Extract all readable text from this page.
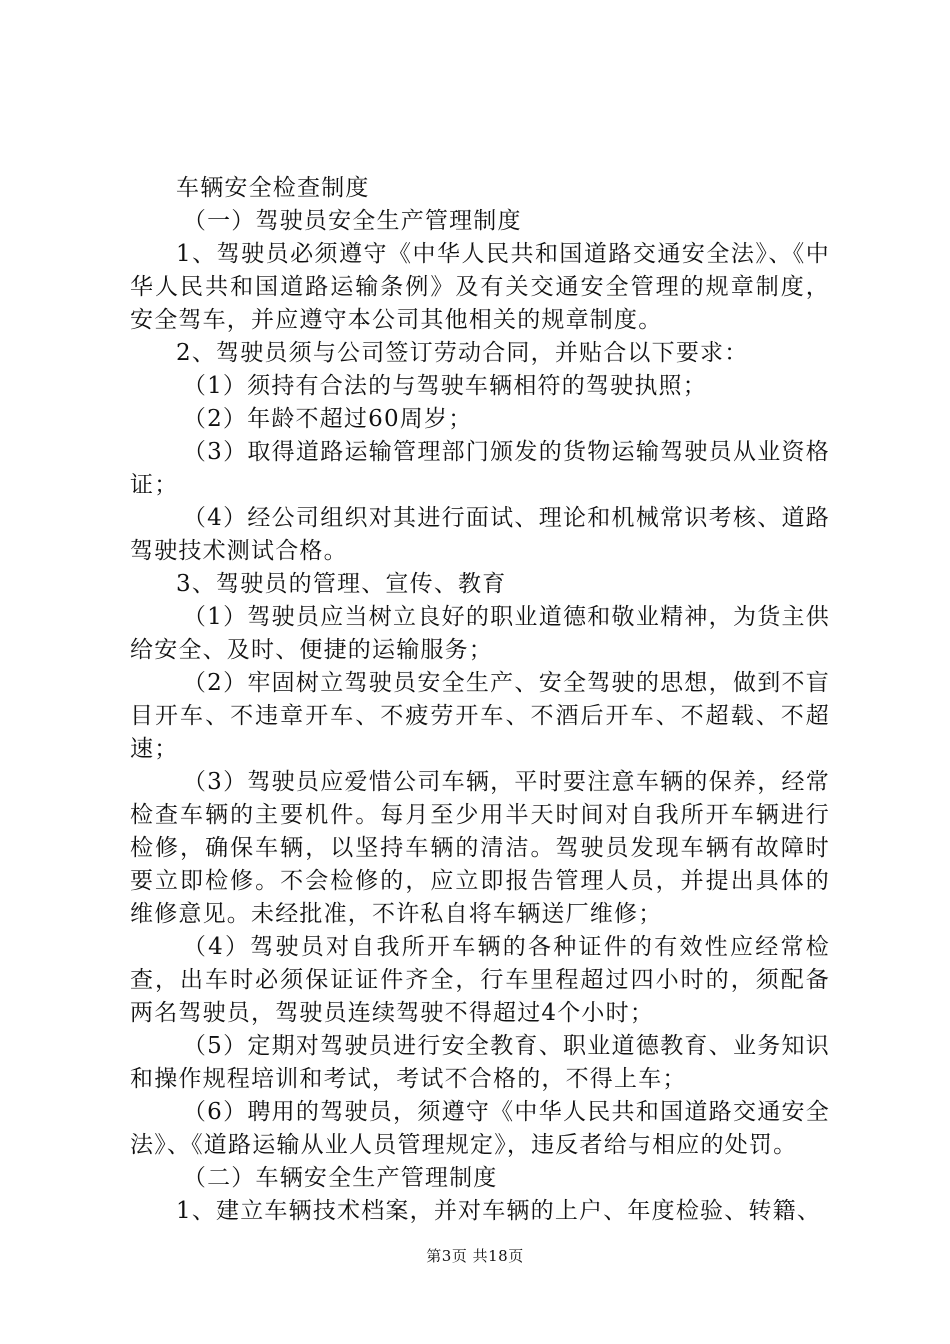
车辆安全检查制度

（一）驾驶员安全生产管理制度

1、驾驶员必须遵守《中华人民共和国道路交通安全法》、《中华人民共和国道路运输条例》及有关交通安全管理的规章制度，安全驾车，并应遵守本公司其他相关的规章制度。

2、驾驶员须与公司签订劳动合同，并贴合以下要求：

（1）须持有合法的与驾驶车辆相符的驾驶执照；

（2）年龄不超过60周岁；

（3）取得道路运输管理部门颁发的货物运输驾驶员从业资格证；

（4）经公司组织对其进行面试、理论和机械常识考核、道路驾驶技术测试合格。

3、驾驶员的管理、宣传、教育

（1）驾驶员应当树立良好的职业道德和敬业精神，为货主供给安全、及时、便捷的运输服务；

（2）牢固树立驾驶员安全生产、安全驾驶的思想，做到不盲目开车、不违章开车、不疲劳开车、不酒后开车、不超载、不超速；

（3）驾驶员应爱惜公司车辆，平时要注意车辆的保养，经常检查车辆的主要机件。每月至少用半天时间对自我所开车辆进行检修，确保车辆，以坚持车辆的清洁。驾驶员发现车辆有故障时要立即检修。不会检修的，应立即报告管理人员，并提出具体的维修意见。未经批准，不许私自将车辆送厂维修；

（4）驾驶员对自我所开车辆的各种证件的有效性应经常检查，出车时必须保证证件齐全，行车里程超过四小时的，须配备两名驾驶员，驾驶员连续驾驶不得超过4个小时；

（5）定期对驾驶员进行安全教育、职业道德教育、业务知识和操作规程培训和考试，考试不合格的，不得上车；

（6）聘用的驾驶员，须遵守《中华人民共和国道路交通安全法》、《道路运输从业人员管理规定》，违反者给与相应的处罚。

（二）车辆安全生产管理制度

1、建立车辆技术档案，并对车辆的上户、年度检验、转籍、

第3页 共18页
